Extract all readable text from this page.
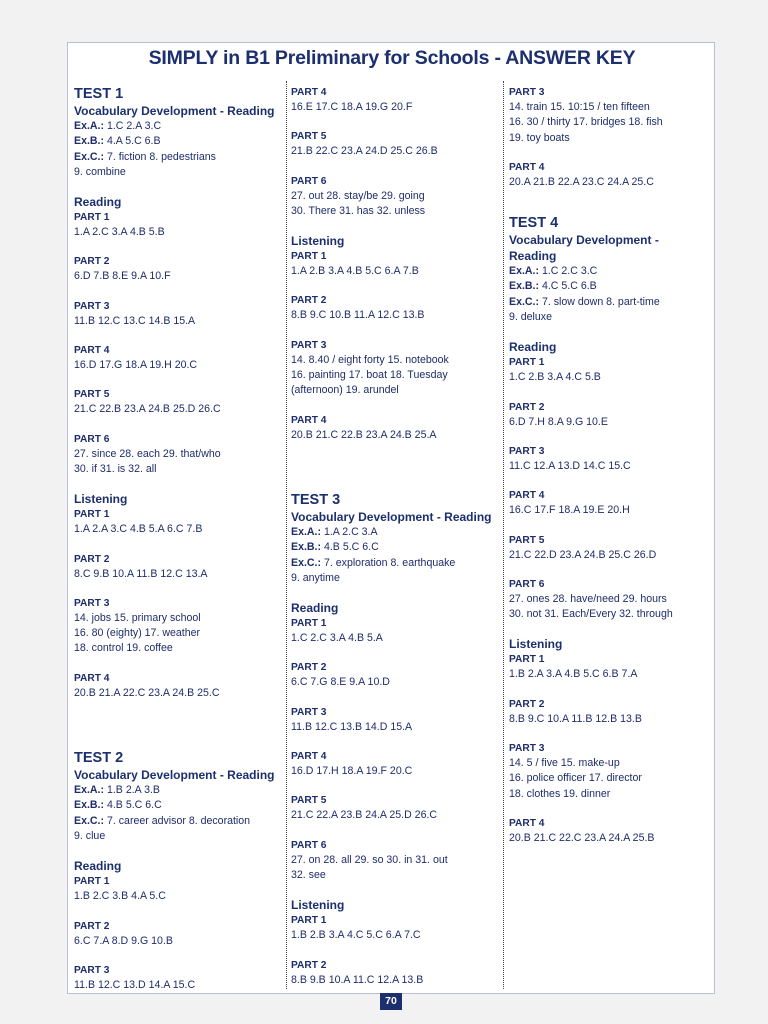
SIMPLY in B1 Preliminary for Schools - ANSWER KEY
TEST 1
Vocabulary Development - Reading
Ex.A.: 1.C 2.A 3.C
Ex.B.: 4.A 5.C 6.B
Ex.C.: 7. fiction 8. pedestrians
9. combine
Reading
PART 1
1.A 2.C 3.A 4.B 5.B
PART 2
6.D 7.B 8.E 9.A 10.F
PART 3
11.B 12.C 13.C 14.B 15.A
PART 4
16.D 17.G 18.A 19.H 20.C
PART 5
21.C 22.B 23.A 24.B 25.D 26.C
PART 6
27. since 28. each 29. that/who
30. if 31. is 32. all
Listening
PART 1
1.A 2.A 3.C 4.B 5.A 6.C 7.B
PART 2
8.C 9.B 10.A 11.B 12.C 13.A
PART 3
14. jobs 15. primary school
16. 80 (eighty) 17. weather
18. control 19. coffee
PART 4
20.B 21.A 22.C 23.A 24.B 25.C
TEST 2
Vocabulary Development - Reading
Ex.A.: 1.B 2.A 3.B
Ex.B.: 4.B 5.C 6.C
Ex.C.: 7. career advisor 8. decoration
9. clue
Reading
PART 1
1.B 2.C 3.B 4.A 5.C
PART 2
6.C 7.A 8.D 9.G 10.B
PART 3
11.B 12.C 13.D 14.A 15.C
PART 4
16.E 17.C 18.A 19.G 20.F
PART 5
21.B 22.C 23.A 24.D 25.C 26.B
PART 6
27. out 28. stay/be 29. going
30. There 31. has 32. unless
Listening
PART 1
1.A 2.B 3.A 4.B 5.C 6.A 7.B
PART 2
8.B 9.C 10.B 11.A 12.C 13.B
PART 3
14. 8.40 / eight forty 15. notebook
16. painting 17. boat 18. Tuesday
(afternoon) 19. arundel
PART 4
20.B 21.C 22.B 23.A 24.B 25.A
TEST 3
Vocabulary Development - Reading
Ex.A.: 1.A 2.C 3.A
Ex.B.: 4.B 5.C 6.C
Ex.C.: 7. exploration 8. earthquake
9. anytime
Reading
PART 1
1.C 2.C 3.A 4.B 5.A
PART 2
6.C 7.G 8.E 9.A 10.D
PART 3
11.B 12.C 13.B 14.D 15.A
PART 4
16.D 17.H 18.A 19.F 20.C
PART 5
21.C 22.A 23.B 24.A 25.D 26.C
PART 6
27. on 28. all 29. so 30. in 31. out
32. see
Listening
PART 1
1.B 2.B 3.A 4.C 5.C 6.A 7.C
PART 2
8.B 9.B 10.A 11.C 12.A 13.B
PART 3
14. train 15. 10:15 / ten fifteen
16. 30 / thirty 17. bridges 18. fish
19. toy boats
PART 4
20.A 21.B 22.A 23.C 24.A 25.C
TEST 4
Vocabulary Development - Reading
Ex.A.: 1.C 2.C 3.C
Ex.B.: 4.C 5.C 6.B
Ex.C.: 7. slow down 8. part-time
9. deluxe
Reading
PART 1
1.C 2.B 3.A 4.C 5.B
PART 2
6.D 7.H 8.A 9.G 10.E
PART 3
11.C 12.A 13.D 14.C 15.C
PART 4
16.C 17.F 18.A 19.E 20.H
PART 5
21.C 22.D 23.A 24.B 25.C 26.D
PART 6
27. ones 28. have/need 29. hours
30. not 31. Each/Every 32. through
Listening
PART 1
1.B 2.A 3.A 4.B 5.C 6.B 7.A
PART 2
8.B 9.C 10.A 11.B 12.B 13.B
PART 3
14. 5 / five 15. make-up
16. police officer 17. director
18. clothes 19. dinner
PART 4
20.B 21.C 22.C 23.A 24.A 25.B
70
